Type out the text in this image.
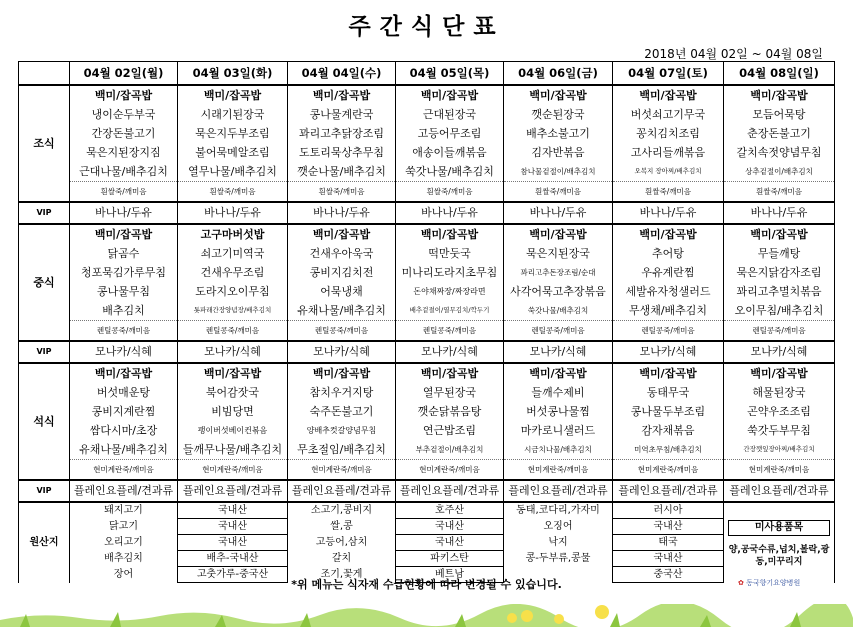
주간식단표
2018년 04월 02일 ~ 04월 08일
	04월 02일(월)	04월 03일(화)	04월 04일(수)	04월 05일(목)	04월 06일(금)	04월 07일(토)	04월 08일(일)
조식	백미/잡곡밥	백미/잡곡밥	백미/잡곡밥	백미/잡곡밥	백미/잡곡밥	백미/잡곡밥	백미/잡곡밥
	냉이순두부국	시래기된장국	콩나물계란국	근대된장국	깻순된장국	버섯쇠고기무국	모듬어묵탕
	간장돈불고기	묵은지두부조림	꽈리고추닭장조림	고등어무조림	배추소불고기	꽁치김치조림	춘장돈불고기
	묵은지된장지짐	불어묵메알조림	도토리묵상추무침	애송이들깨볶음	김자반볶음	고사리들깨볶음	갈치속젓양념무침
	근대나물/배추김치	열무나물/배추김치	깻순나물/배추김치	쑥갓나물/배추김치	참나물겉절이/배추김치	오복지 장아찌/배추김치	상추겉절이/배추김치
	흰쌀죽/깨미음	흰쌀죽/깨미음	흰쌀죽/깨미음	흰쌀죽/깨미음	흰쌀죽/깨미음	흰쌀죽/깨미음	흰쌀죽/깨미음
VIP	바나나/두유	바나나/두유	바나나/두유	바나나/두유	바나나/두유	바나나/두유	바나나/두유
중식	백미/잡곡밥	고구마버섯밥	백미/잡곡밥	백미/잡곡밥	백미/잡곡밥	백미/잡곡밥	백미/잡곡밥
	닭곰수	쇠고기미역국	건새우아욱국	떡만둣국	묵은지된장국	추어탕	무들깨탕
	청포묵김가루무침	건새우무조림	콩비지김치전	미나리도라지초무침	꽈리고추돈장조림/순대	우유계란찜	묵은지닭감자조림
	콩나물무침	도라지오이무침	어묵냉채	돈야채짜장/짜장라면	사각어묵고추장볶음	세발유자청샐러드	꽈리고추멸치볶음
	배추김치	톳파래간장양념장/배추김치	유채나물/배추김치	배추겉절이/열무김치/깍두기	쑥갓나물/배추김치	무생채/배추김치	오이무침/배추김치
	렌틸콩죽/깨미음	렌틸콩죽/깨미음	렌틸콩죽/깨미음	렌틸콩죽/깨미음	렌틸콩죽/깨미음	렌틸콩죽/깨미음	렌틸콩죽/깨미음
VIP	모나카/식혜	모나카/식혜	모나카/식혜	모나카/식혜	모나카/식혜	모나카/식혜	모나카/식혜
석식	백미/잡곡밥	백미/잡곡밥	백미/잡곡밥	백미/잡곡밥	백미/잡곡밥	백미/잡곡밥	백미/잡곡밥
	버섯매운탕	북어감잣국	참치우거지탕	열무된장국	들깨수제비	동태무국	해물된장국
	콩비지계란찜	비빔당면	숙주돈불고기	깻순닭볶음탕	버섯콩나물찜	콩나물두부조림	곤약우조조림
	쌈다시마/초장	팽이버섯베이컨볶음	양배추컷갈양념무침	연근밥조림	마카로니샐러드	감자채볶음	쑥갓두부무침
	유채나물/배추김치	들깨무나물/배추김치	무초절임/배추김치	부추겉절이/배추김치	시금치나물/배추김치	미역초무침/배추김치	간장깻잎장아찌/배추김치
	현미계란죽/깨미음	현미계란죽/깨미음	현미계란죽/깨미음	현미계란죽/깨미음	현미계란죽/깨미음	현미계란죽/깨미음	현미계란죽/깨미음
VIP	플레인요플레/견과류	플레인요플레/견과류	플레인요플레/견과류	플레인요플레/견과류	플레인요플레/견과류	플레인요플레/견과류	플레인요플레/견과류
원산지	돼지고기	국내산	소고기,콩비지	호주산	동태,코다리,가자미	러시아	미사용품목
양,공국수류,넙치,볼락,광동,미꾸리지

	닭고기	국내산	쌀,콩	국내산	오징어	국내산	
	오리고기	국내산	고등어,삼치	국내산	낙지	태국	
	배추김치	배추-국내산	갈치	파키스탄	콩-두부류,콩물	국내산	
	장어	고춧가루-중국산	조기,꽃게	베트남		중국산	
*위 메뉴는 식자재 수급현황에 따라 변경될 수 있습니다.	✿ 동국향기요양병원
